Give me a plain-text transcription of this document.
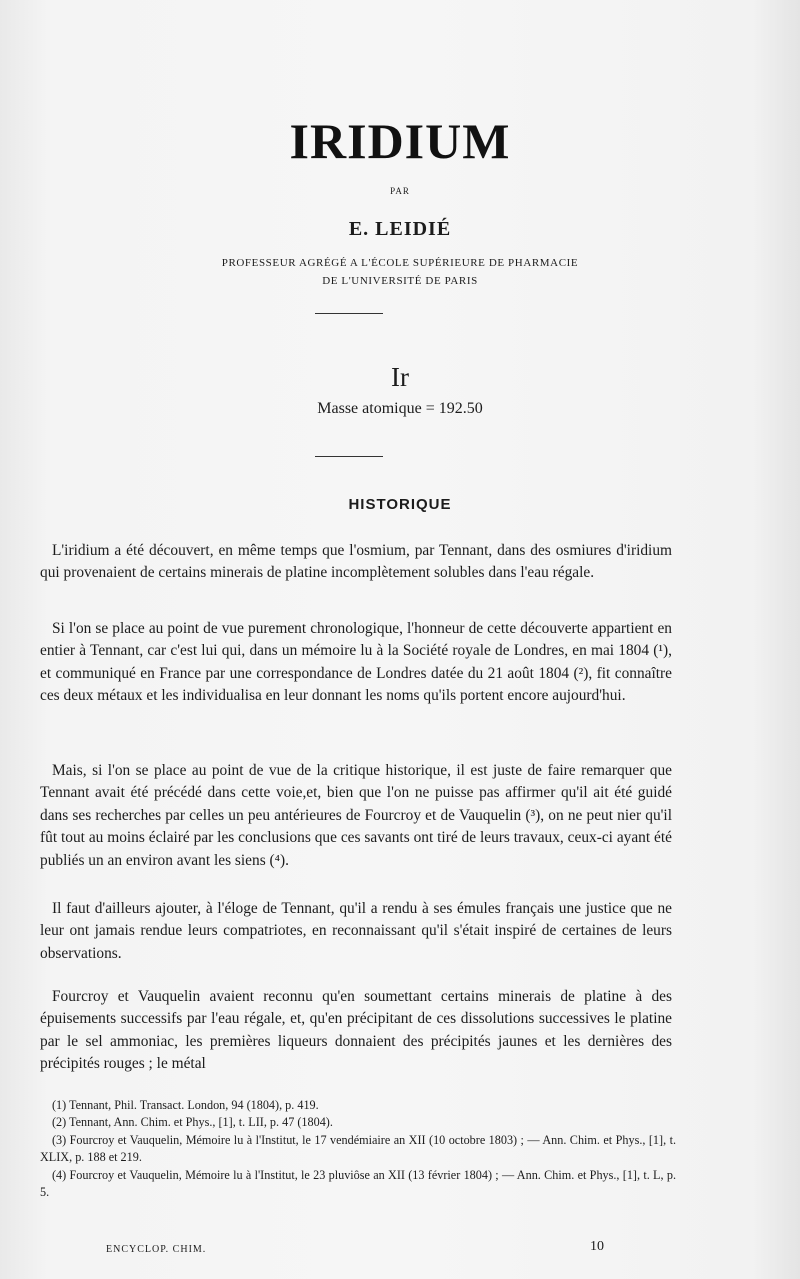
IRIDIUM
PAR
E. LEIDIÉ
PROFESSEUR AGRÉGÉ A L'ÉCOLE SUPÉRIEURE DE PHARMACIE
DE L'UNIVERSITÉ DE PARIS
Ir
Masse atomique = 192.50
HISTORIQUE

L'iridium a été découvert, en même temps que l'osmium, par Tennant, dans des osmiures d'iridium qui provenaient de certains minerais de platine incomplètement solubles dans l'eau régale.

Si l'on se place au point de vue purement chronologique, l'honneur de cette découverte appartient en entier à Tennant, car c'est lui qui, dans un mémoire lu à la Société royale de Londres, en mai 1804 (¹), et communiqué en France par une correspondance de Londres datée du 21 août 1804 (²), fit connaître ces deux métaux et les individualisa en leur donnant les noms qu'ils portent encore aujourd'hui.

Mais, si l'on se place au point de vue de la critique historique, il est juste de faire remarquer que Tennant avait été précédé dans cette voie,et, bien que l'on ne puisse pas affirmer qu'il ait été guidé dans ses recherches par celles un peu antérieures de Fourcroy et de Vauquelin (³), on ne peut nier qu'il fût tout au moins éclairé par les conclusions que ces savants ont tiré de leurs travaux, ceux-ci ayant été publiés un an environ avant les siens (⁴).

Il faut d'ailleurs ajouter, à l'éloge de Tennant, qu'il a rendu à ses émules français une justice que ne leur ont jamais rendue leurs compatriotes, en reconnaissant qu'il s'était inspiré de certaines de leurs observations.

Fourcroy et Vauquelin avaient reconnu qu'en soumettant certains minerais de platine à des épuisements successifs par l'eau régale, et, qu'en précipitant de ces dissolutions successives le platine par le sel ammoniac, les premières liqueurs donnaient des précipités jaunes et les dernières des précipités rouges ; le métal

(1) Tennant, Phil. Transact. London, 94 (1804), p. 419.
(2) Tennant, Ann. Chim. et Phys., [1], t. LII, p. 47 (1804).
(3) Fourcroy et Vauquelin, Mémoire lu à l'Institut, le 17 vendémiaire an XII (10 octobre 1803) ; — Ann. Chim. et Phys., [1], t. XLIX, p. 188 et 219.
(4) Fourcroy et Vauquelin, Mémoire lu à l'Institut, le 23 pluviôse an XII (13 février 1804) ; — Ann. Chim. et Phys., [1], t. L, p. 5.
ENCYCLOP. CHIM.	10
